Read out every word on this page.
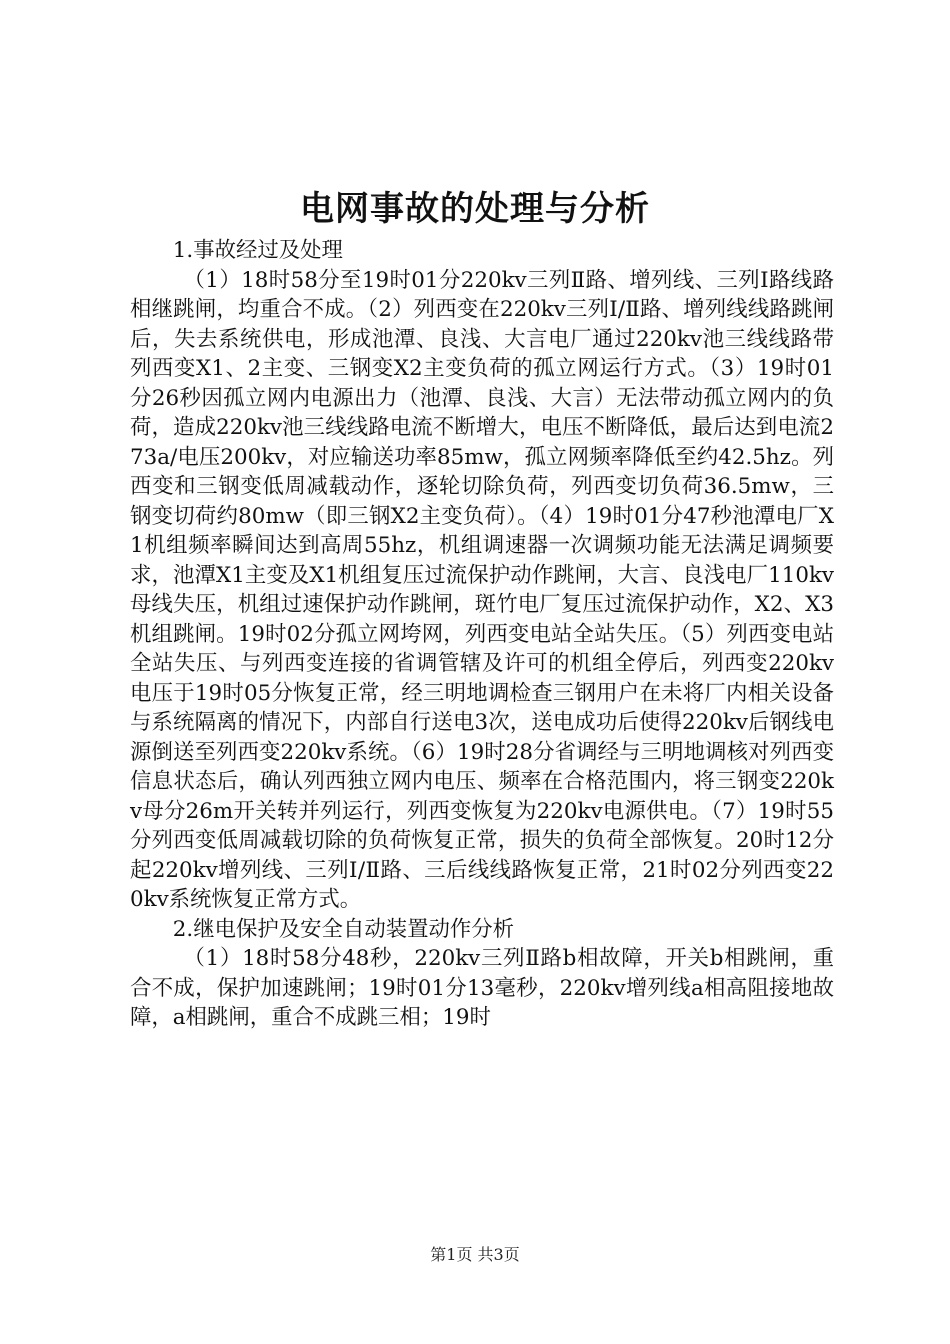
电网事故的处理与分析

1.事故经过及处理

（1）18时58分至19时01分220kv三列Ⅱ路、增列线、三列Ⅰ路线路相继跳闸，均重合不成。（2）列西变在220kv三列Ⅰ/Ⅱ路、增列线线路跳闸后，失去系统供电，形成池潭、良浅、大言电厂通过220kv池三线线路带列西变X1、2主变、三钢变X2主变负荷的孤立网运行方式。（3）19时01分26秒因孤立网内电源出力（池潭、良浅、大言）无法带动孤立网内的负荷，造成220kv池三线线路电流不断增大，电压不断降低，最后达到电流273a/电压200kv，对应输送功率85mw，孤立网频率降低至约42.5hz。列西变和三钢变低周减载动作，逐轮切除负荷，列西变切负荷36.5mw，三钢变切荷约80mw（即三钢X2主变负荷）。（4）19时01分47秒池潭电厂X1机组频率瞬间达到高周55hz，机组调速器一次调频功能无法满足调频要求，池潭X1主变及X1机组复压过流保护动作跳闸，大言、良浅电厂110kv母线失压，机组过速保护动作跳闸，斑竹电厂复压过流保护动作，X2、X3机组跳闸。19时02分孤立网垮网，列西变电站全站失压。（5）列西变电站全站失压、与列西变连接的省调管辖及许可的机组全停后，列西变220kv电压于19时05分恢复正常，经三明地调检查三钢用户在未将厂内相关设备与系统隔离的情况下，内部自行送电3次，送电成功后使得220kv后钢线电源倒送至列西变220kv系统。（6）19时28分省调经与三明地调核对列西变信息状态后，确认列西独立网内电压、频率在合格范围内，将三钢变220kv母分26m开关转并列运行，列西变恢复为220kv电源供电。（7）19时55分列西变低周减载切除的负荷恢复正常，损失的负荷全部恢复。20时12分起220kv增列线、三列Ⅰ/Ⅱ路、三后线线路恢复正常，21时02分列西变220kv系统恢复正常方式。

2.继电保护及安全自动装置动作分析

（1）18时58分48秒，220kv三列Ⅱ路b相故障，开关b相跳闸，重合不成，保护加速跳闸；19时01分13毫秒，220kv增列线a相高阻接地故障，a相跳闸，重合不成跳三相；19时

第1页 共3页
